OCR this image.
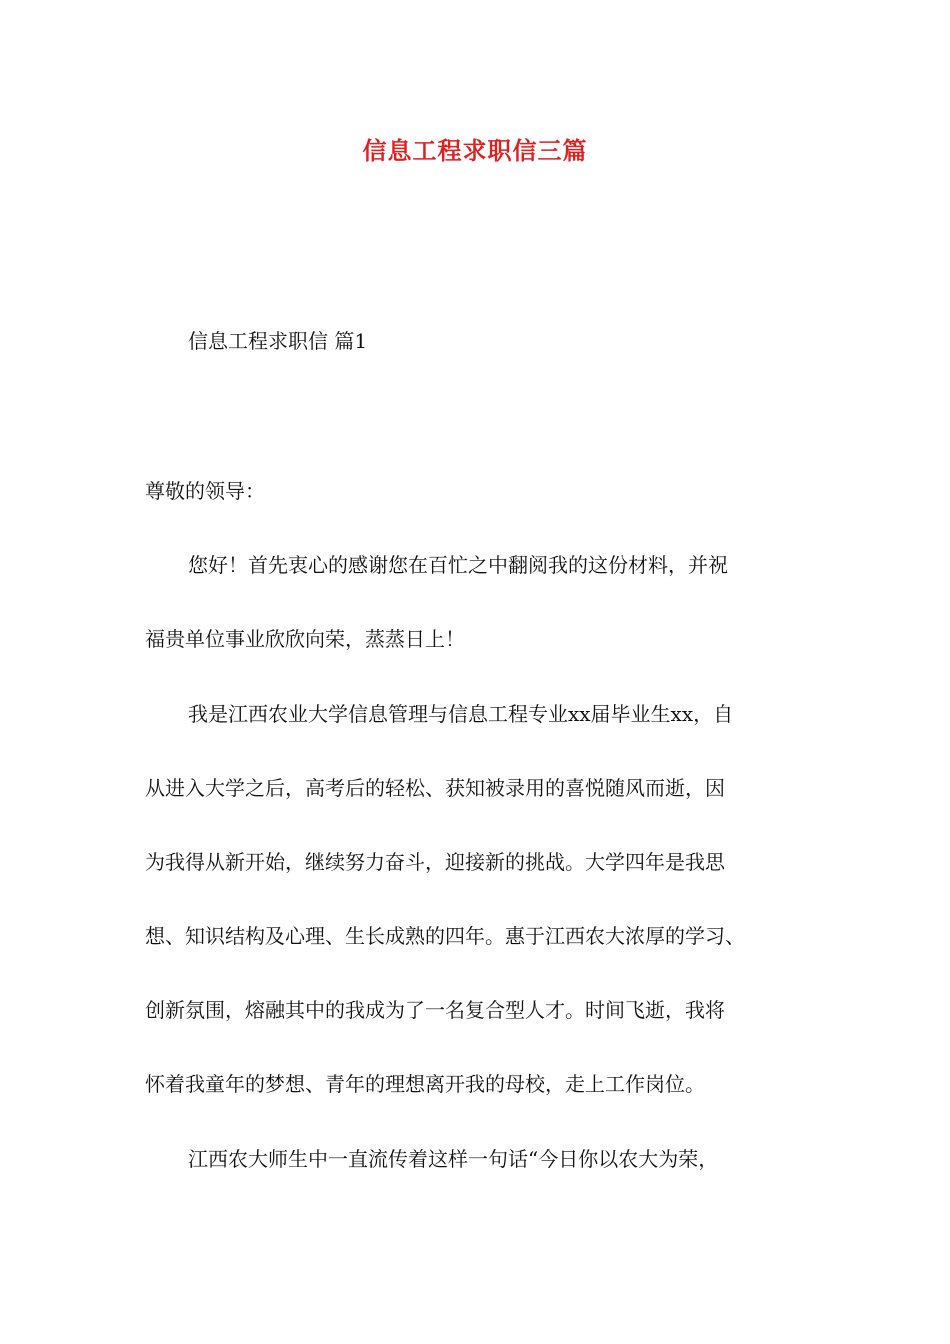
信息工程求职信三篇
信息工程求职信 篇1
尊敬的领导：
您好！首先衷心的感谢您在百忙之中翻阅我的这份材料，并祝
福贵单位事业欣欣向荣，蒸蒸日上！
我是江西农业大学信息管理与信息工程专业xx届毕业生xx，自
从进入大学之后，高考后的轻松、获知被录用的喜悦随风而逝，因
为我得从新开始，继续努力奋斗，迎接新的挑战。大学四年是我思
想、知识结构及心理、生长成熟的四年。惠于江西农大浓厚的学习、
创新氛围，熔融其中的我成为了一名复合型人才。时间飞逝，我将
怀着我童年的梦想、青年的理想离开我的母校，走上工作岗位。
江西农大师生中一直流传着这样一句话“今日你以农大为荣，
